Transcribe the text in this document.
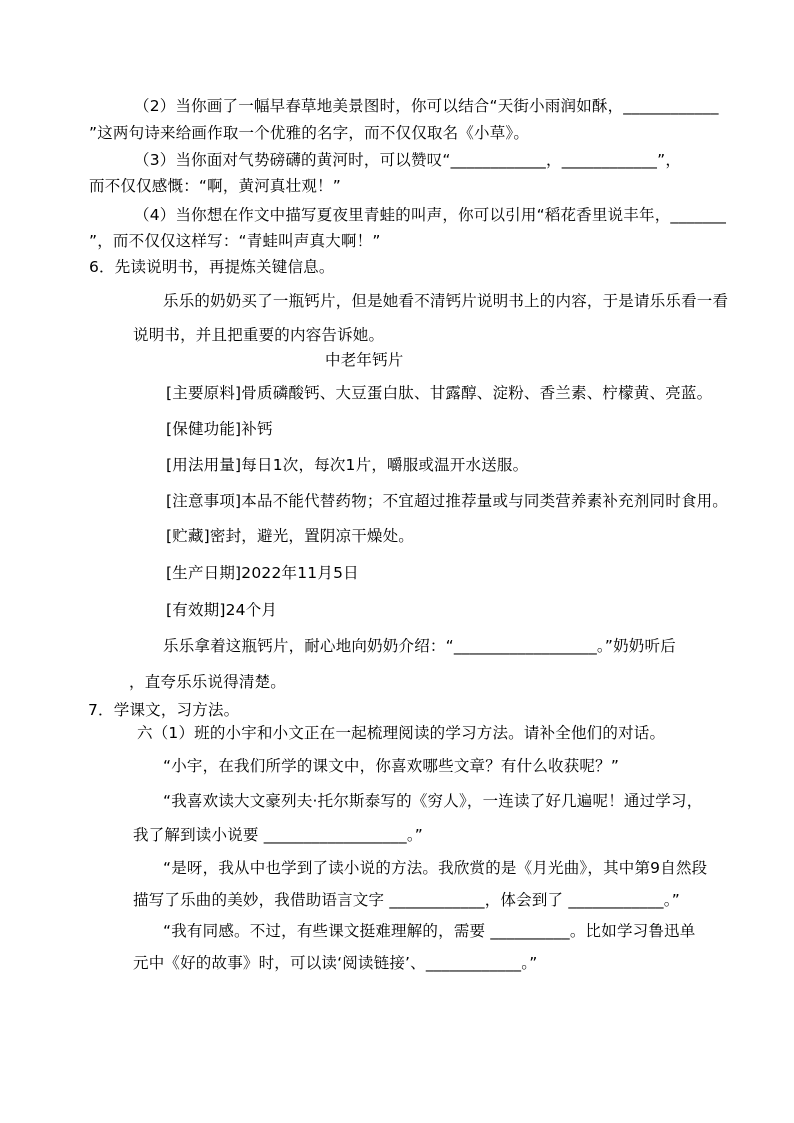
（2）当你画了一幅早春草地美景图时，你可以结合“天街小雨润如酥，____________
”这两句诗来给画作取一个优雅的名字，而不仅仅取名《小草》。
（3）当你面对气势磅礴的黄河时，可以赞叹“____________，____________”，
而不仅仅感慨：“啊，黄河真壮观！”
（4）当你想在作文中描写夏夜里青蛙的叫声，你可以引用“稻花香里说丰年，_______
”，而不仅仅这样写：“青蛙叫声真大啊！”
6．先读说明书，再提炼关键信息。
乐乐的奶奶买了一瓶钙片，但是她看不清钙片说明书上的内容，于是请乐乐看一看
说明书，并且把重要的内容告诉她。
中老年钙片
[主要原料]骨质磷酸钙、大豆蛋白肽、甘露醇、淀粉、香兰素、柠檬黄、亮蓝。
[保健功能]补钙
[用法用量]每日1次，每次1片，嚼服或温开水送服。
[注意事项]本品不能代替药物；不宜超过推荐量或与同类营养素补充剂同时食用。
[贮藏]密封，避光，置阴凉干燥处。
[生产日期]2022年11月5日
[有效期]24个月
乐乐拿着这瓶钙片，耐心地向奶奶介绍：“__________________。”奶奶听后
，直夸乐乐说得清楚。
7．学课文，习方法。
六（1）班的小宇和小文正在一起梳理阅读的学习方法。请补全他们的对话。
“小宇，在我们所学的课文中，你喜欢哪些文章？有什么收获呢？”
“我喜欢读大文豪列夫·托尔斯泰写的《穷人》，一连读了好几遍呢！通过学习，
我了解到读小说要 __________________。”
“是呀，我从中也学到了读小说的方法。我欣赏的是《月光曲》，其中第9自然段
描写了乐曲的美妙，我借助语言文字 ____________，体会到了 ____________。”
“我有同感。不过，有些课文挺难理解的，需要 __________。比如学习鲁迅单
元中《好的故事》时，可以读‘阅读链接’、____________。”
